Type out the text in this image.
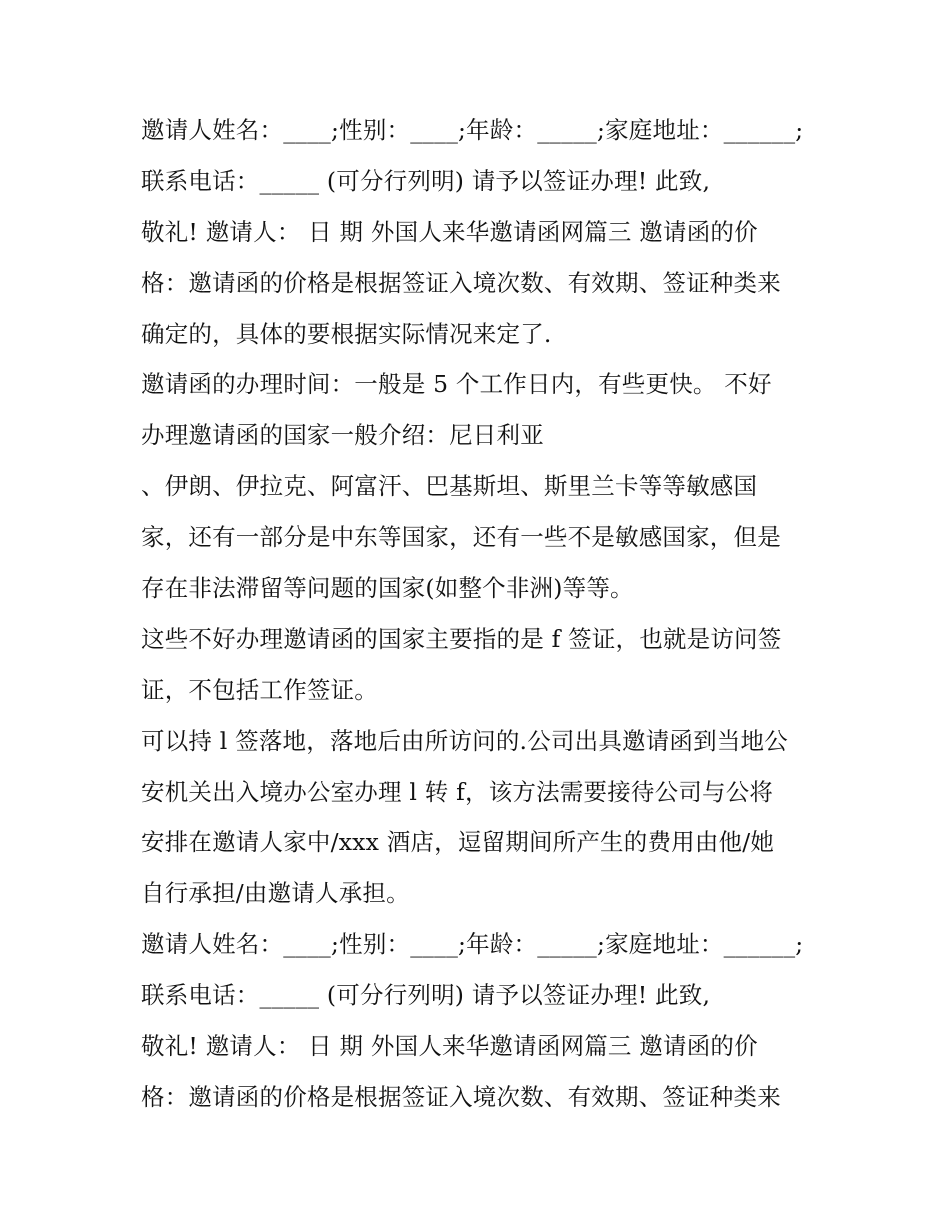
邀请人姓名：____;性别：____;年龄：_____;家庭地址：______;
联系电话：_____ (可分行列明) 请予以签证办理! 此致,
敬礼! 邀请人： 日 期 外国人来华邀请函网篇三 邀请函的价
格：邀请函的价格是根据签证入境次数、有效期、签证种类来
确定的，具体的要根据实际情况来定了.
邀请函的办理时间：一般是 5 个工作日内，有些更快。 不好
办理邀请函的国家一般介绍：尼日利亚
、伊朗、伊拉克、阿富汗、巴基斯坦、斯里兰卡等等敏感国
家，还有一部分是中东等国家，还有一些不是敏感国家，但是
存在非法滞留等问题的国家(如整个非洲)等等。
这些不好办理邀请函的国家主要指的是 f 签证，也就是访问签
证，不包括工作签证。
可以持 l 签落地，落地后由所访问的.公司出具邀请函到当地公
安机关出入境办公室办理 l 转 f，该方法需要接待公司与公将
安排在邀请人家中/xxx 酒店，逗留期间所产生的费用由他/她
自行承担/由邀请人承担。
邀请人姓名：____;性别：____;年龄：_____;家庭地址：______;
联系电话：_____ (可分行列明) 请予以签证办理! 此致,
敬礼! 邀请人： 日 期 外国人来华邀请函网篇三 邀请函的价
格：邀请函的价格是根据签证入境次数、有效期、签证种类来
